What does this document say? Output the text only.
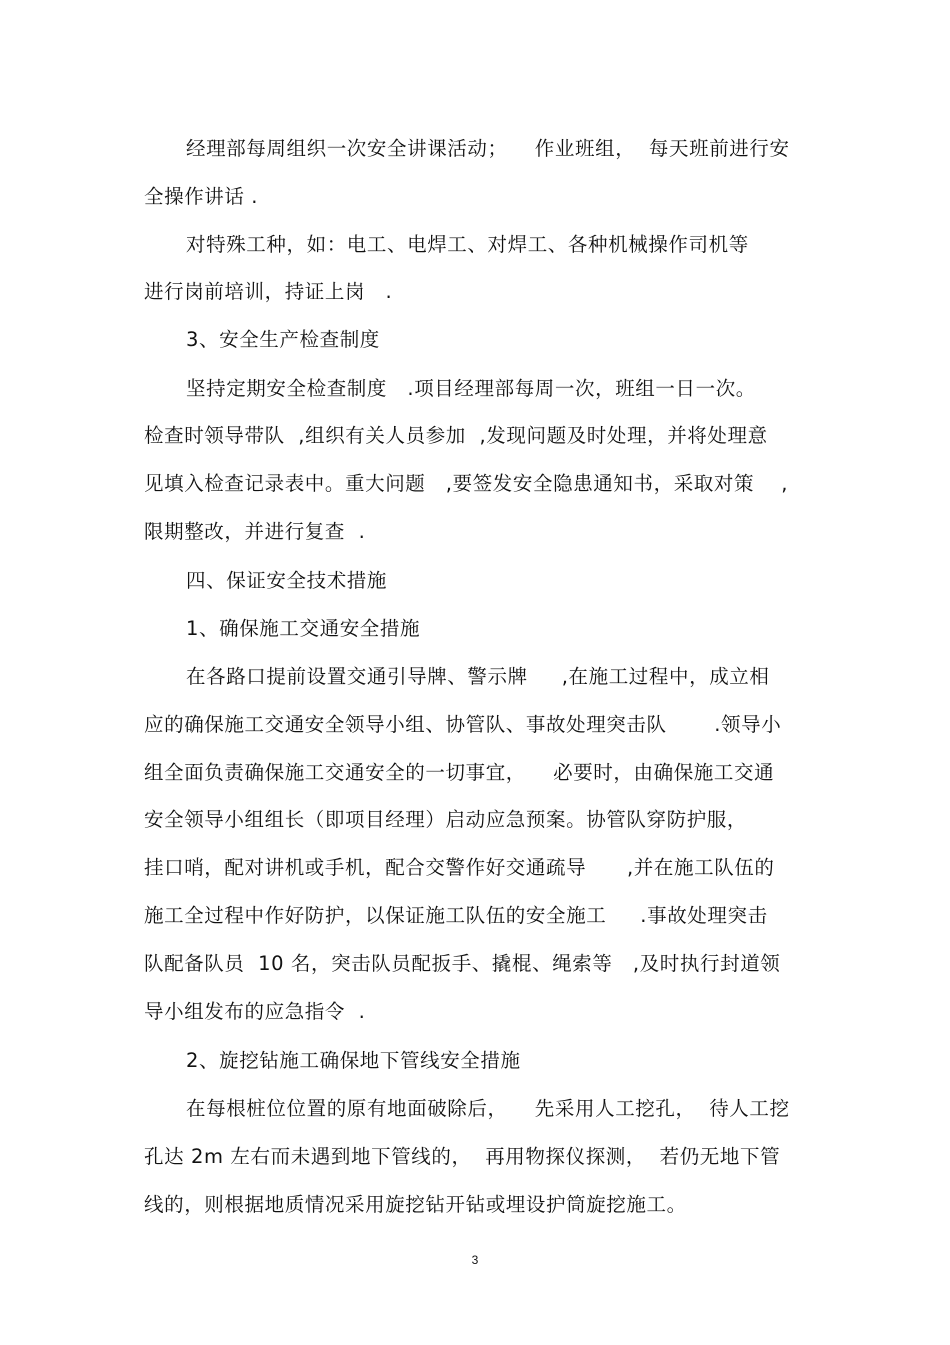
经理部每周组织一次安全讲课活动；    作业班组，  每天班前进行安
全操作讲话 .
对特殊工种，如：电工、电焊工、对焊工、各种机械操作司机等
进行岗前培训，持证上岗   .
3、安全生产检查制度
坚持定期安全检查制度   .项目经理部每周一次，班组一日一次。
检查时领导带队  ,组织有关人员参加  ,发现问题及时处理，并将处理意
见填入检查记录表中。重大问题   ,要签发安全隐患通知书，采取对策    ,
限期整改，并进行复查  .
四、保证安全技术措施
1、确保施工交通安全措施
在各路口提前设置交通引导牌、警示牌     ,在施工过程中，成立相
应的确保施工交通安全领导小组、协管队、事故处理突击队       .领导小
组全面负责确保施工交通安全的一切事宜，    必要时，由确保施工交通
安全领导小组组长（即项目经理）启动应急预案。协管队穿防护服，
挂口哨，配对讲机或手机，配合交警作好交通疏导      ,并在施工队伍的
施工全过程中作好防护，以保证施工队伍的安全施工     .事故处理突击
队配备队员  10 名，突击队员配扳手、撬棍、绳索等   ,及时执行封道领
导小组发布的应急指令  .
2、旋挖钻施工确保地下管线安全措施
在每根桩位位置的原有地面破除后，    先采用人工挖孔，  待人工挖
孔达 2m 左右而未遇到地下管线的，  再用物探仪探测，  若仍无地下管
线的，则根据地质情况采用旋挖钻开钻或埋设护筒旋挖施工。
3
